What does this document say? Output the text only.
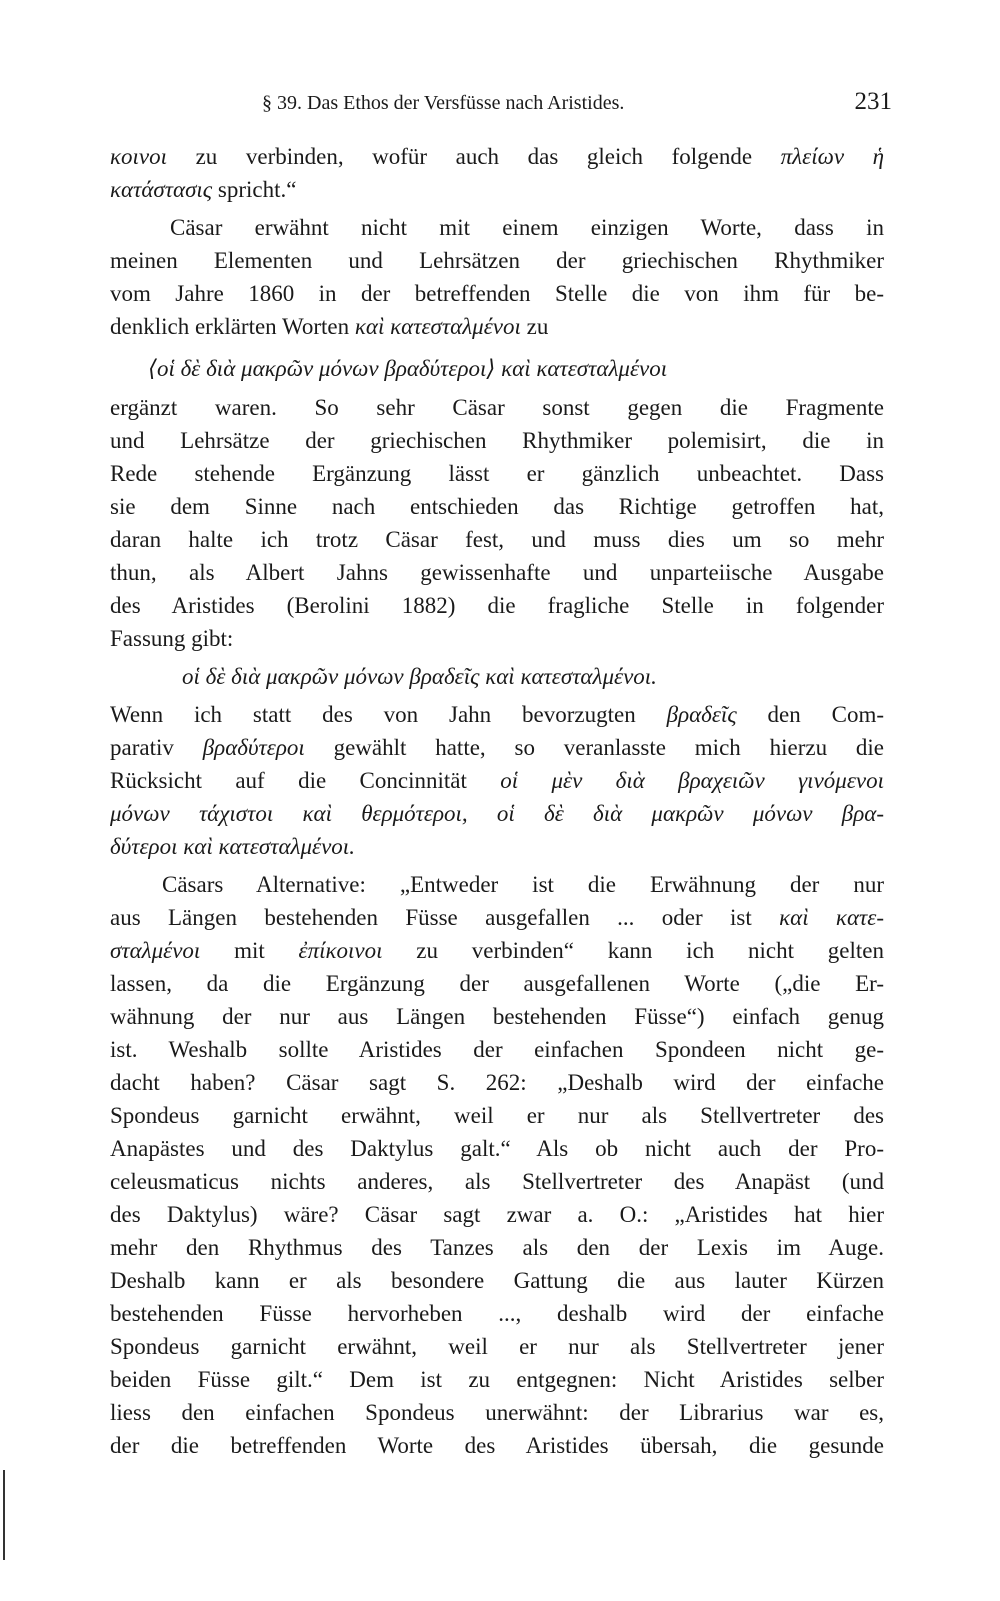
§ 39. Das Ethos der Versfüsse nach Aristides.	231
κοινοι zu verbinden, wofür auch das gleich folgende πλείων ἡ
κατάστασις spricht.“
Cäsar erwähnt nicht mit einem einzigen Worte, dass in
meinen Elementen und Lehrsätzen der griechischen Rhythmiker
vom Jahre 1860 in der betreffenden Stelle die von ihm für be-
denklich erklärten Worten καὶ κατεσταλμένοι zu
⟨οἱ δὲ διὰ μακρῶν μόνων βραδύτεροι⟩ καὶ κατεσταλμένοι
ergänzt waren. So sehr Cäsar sonst gegen die Fragmente
und Lehrsätze der griechischen Rhythmiker polemisirt, die in
Rede stehende Ergänzung lässt er gänzlich unbeachtet. Dass
sie dem Sinne nach entschieden das Richtige getroffen hat,
daran halte ich trotz Cäsar fest, und muss dies um so mehr
thun, als Albert Jahns gewissenhafte und unparteiische Ausgabe
des Aristides (Berolini 1882) die fragliche Stelle in folgender
Fassung gibt:
οἱ δὲ διὰ μακρῶν μόνων βραδεῖς καὶ κατεσταλμένοι.
Wenn ich statt des von Jahn bevorzugten βραδεῖς den Com-
parativ βραδύτεροι gewählt hatte, so veranlasste mich hierzu die
Rücksicht auf die Concinnität οἱ μὲν διὰ βραχειῶν γινόμενοι
μόνων τάχιστοι καὶ θερμότεροι, οἱ δὲ διὰ μακρῶν μόνων βρα-
δύτεροι καὶ κατεσταλμένοι.
Cäsars Alternative: „Entweder ist die Erwähnung der nur
aus Längen bestehenden Füsse ausgefallen ... oder ist καὶ κατε-
σταλμένοι mit ἐπίκοινοι zu verbinden“ kann ich nicht gelten
lassen, da die Ergänzung der ausgefallenen Worte („die Er-
wähnung der nur aus Längen bestehenden Füsse“) einfach genug
ist. Weshalb sollte Aristides der einfachen Spondeen nicht ge-
dacht haben? Cäsar sagt S. 262: „Deshalb wird der einfache
Spondeus garnicht erwähnt, weil er nur als Stellvertreter des
Anapästes und des Daktylus galt.“ Als ob nicht auch der Pro-
celeusmaticus nichts anderes, als Stellvertreter des Anapäst (und
des Daktylus) wäre? Cäsar sagt zwar a. O.: „Aristides hat hier
mehr den Rhythmus des Tanzes als den der Lexis im Auge.
Deshalb kann er als besondere Gattung die aus lauter Kürzen
bestehenden Füsse hervorheben ..., deshalb wird der einfache
Spondeus garnicht erwähnt, weil er nur als Stellvertreter jener
beiden Füsse gilt.“ Dem ist zu entgegnen: Nicht Aristides selber
liess den einfachen Spondeus unerwähnt: der Librarius war es,
der die betreffenden Worte des Aristides übersah, die gesunde
